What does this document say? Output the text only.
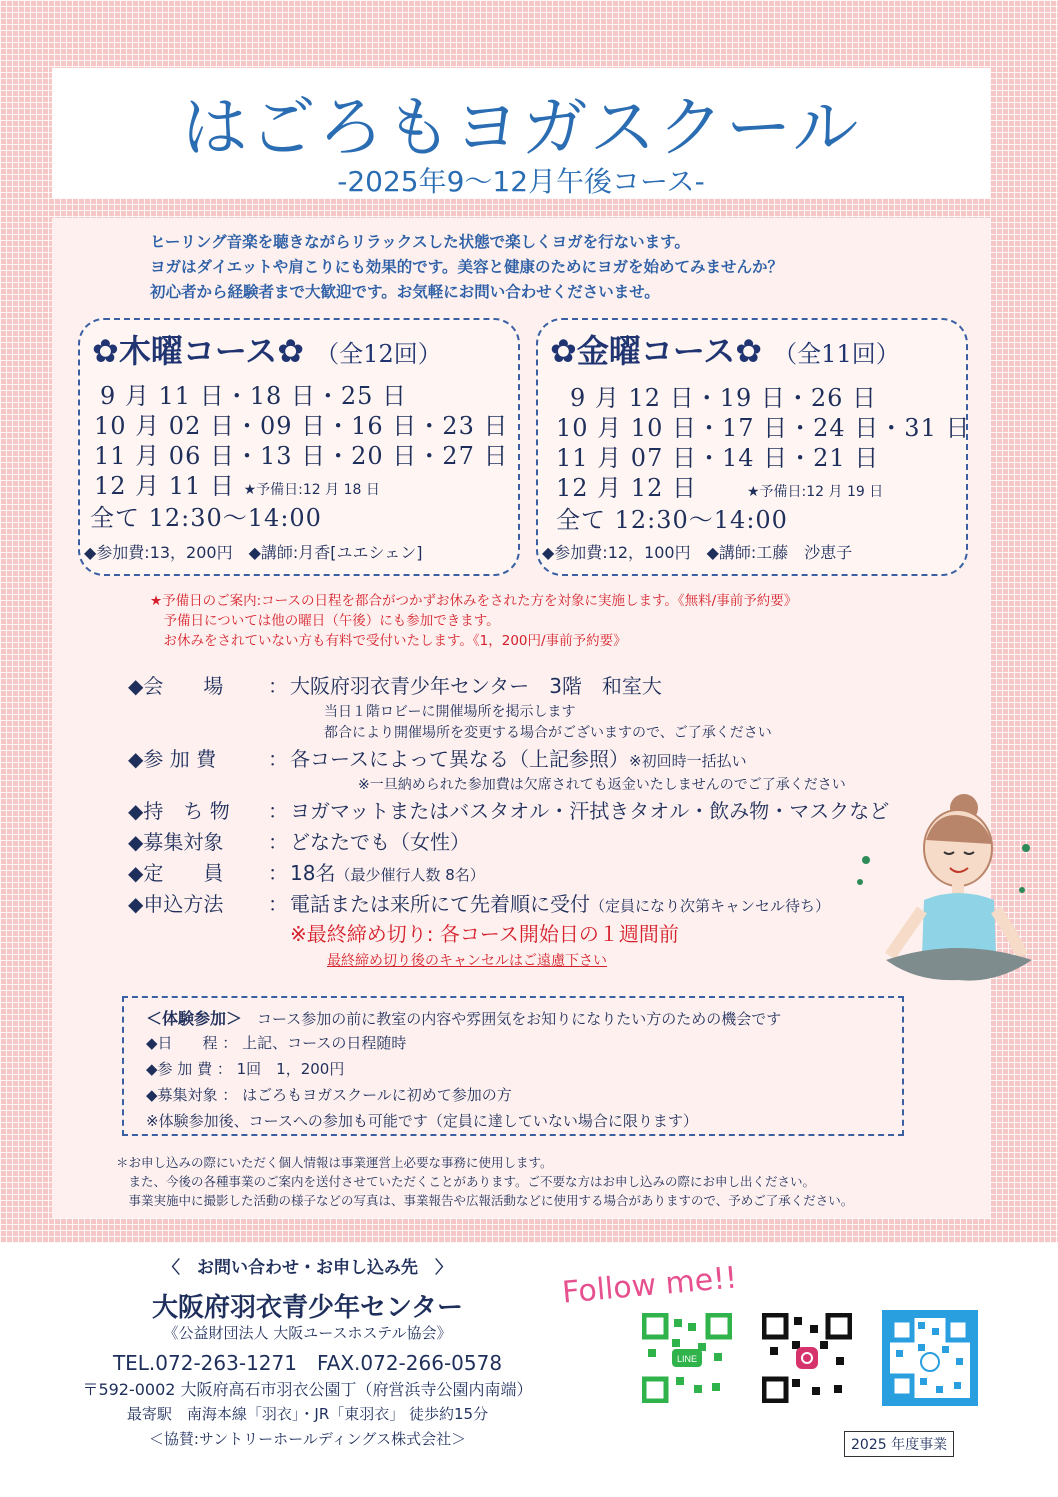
はごろもヨガスクール
-2025年9～12月午後コース-
ヒーリング音楽を聴きながらリラックスした状態で楽しくヨガを行ないます。
ヨガはダイエットや肩こりにも効果的です。美容と健康のためにヨガを始めてみませんか？
初心者から経験者まで大歓迎です。お気軽にお問い合わせくださいませ。
✿木曜コース✿ （全12回）
9 月 11 日・18 日・25 日
10 月 02 日・09 日・16 日・23 日
11 月 06 日・13 日・20 日・27 日
12 月 11 日 ★予備日:12 月 18 日
全て 12:30～14:00
◆参加費:13，200円　◆講師:月香[ユエシェン]
✿金曜コース✿ （全11回）
9 月 12 日・19 日・26 日
10 月 10 日・17 日・24 日・31 日
11 月 07 日・14 日・21 日
12 月 12 日　　	★予備日:12 月 19 日
全て 12:30～14:00
◆参加費:12，100円　◆講師:工藤　沙恵子
★予備日のご案内:コースの日程を都合がつかずお休みをされた方を対象に実施します。《無料/事前予約要》
　予備日については他の曜日（午後）にも参加できます。
　お休みをされていない方も有料で受付いたします。《1，200円/事前予約要》
◆会　　場	： 大阪府羽衣青少年センター　3階　和室大
当日１階ロビーに開催場所を掲示します
都合により開催場所を変更する場合がございますので、ご了承ください
◆参 加 費	： 各コースによって異なる（上記参照）※初回時一括払い
※一旦納められた参加費は欠席されても返金いたしませんのでご了承ください
◆持　ち 物	： ヨガマットまたはバスタオル・汗拭きタオル・飲み物・マスクなど
◆募集対象	： どなたでも（女性）
◆定　　員	： 18名（最少催行人数 8名）
◆申込方法	： 電話または来所にて先着順に受付（定員になり次第キャンセル待ち）
※最終締め切り: 各コース開始日の１週間前
最終締め切り後のキャンセルはご遠慮下さい
＜体験参加＞　 コース参加の前に教室の内容や雰囲気をお知りになりたい方のための機会です
◆日　　程 ： 上記、コースの日程随時
◆参 加 費 ： 1回　1，200円
◆募集対象 ： はごろもヨガスクールに初めて参加の方
※体験参加後、コースへの参加も可能です（定員に達していない場合に限ります）
＊お申し込みの際にいただく個人情報は事業運営上必要な事務に使用します。
　また、今後の各種事業のご案内を送付させていただくことがあります。ご不要な方はお申し込みの際にお申し出ください。
　事業実施中に撮影した活動の様子などの写真は、事業報告や広報活動などに使用する場合がありますので、予めご了承ください。
〈　お問い合わせ・お申し込み先　〉
大阪府羽衣青少年センター
《公益財団法人 大阪ユースホステル協会》
TEL.072-263-1271　FAX.072-266-0578
〒592-0002 大阪府高石市羽衣公園丁（府営浜寺公園内南端）
最寄駅　南海本線「羽衣」・JR「東羽衣」 徒歩約15分
＜協賛:サントリーホールディングス株式会社＞
Follow me!!
LINE
2025 年度事業
